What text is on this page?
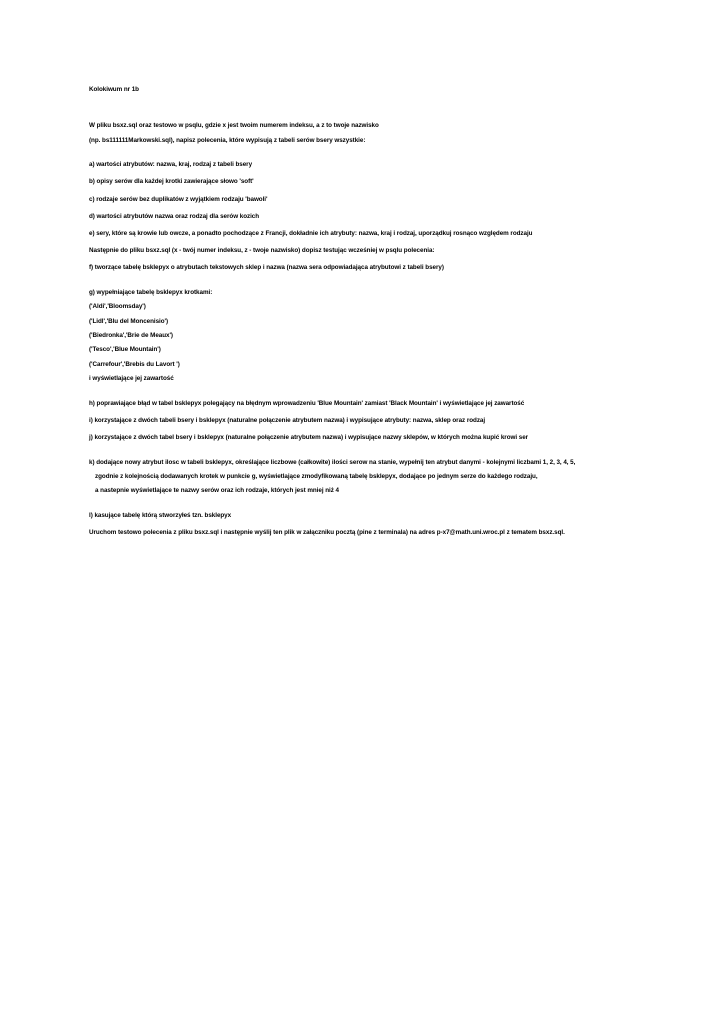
Kolokiwum nr 1b

W pliku bsxz.sql oraz testowo w psqlu, gdzie x jest twoim numerem indeksu, a z to twoje nazwisko

(np. bs111111Markowski.sql), napisz polecenia, które wypisują z tabeli serów bsery wszystkie:

a) wartości atrybutów: nazwa, kraj, rodzaj z tabeli bsery
b) opisy serów dla każdej krotki zawierające słowo 'soft'
c) rodzaje serów bez duplikatów z wyjątkiem rodzaju 'bawoli'
d) wartości atrybutów nazwa oraz rodzaj dla serów kozich
e) sery, które są krowie lub owcze, a ponadto pochodzące z Francji, dokładnie ich atrybuty: nazwa, kraj i rodzaj, uporządkuj rosnąco względem rodzaju
Następnie do pliku bsxz.sql (x - twój numer indeksu, z - twoje nazwisko) dopisz testując wcześniej w psqlu polecenia:
f) tworzące tabelę bsklepyx o atrybutach tekstowych sklep i nazwa (nazwa sera odpowiadająca atrybutowi z tabeli bsery)

g) wypełniające tabelę bsklepyx krotkami:

('Aldi','Bloomsday')

('Lidl','Blu del Moncenisio')

('Biedronka','Brie de Meaux')

('Tesco','Blue Mountain')

('Carrefour','Brebis du Lavort ')

i wyświetlające jej zawartość

h) poprawiające błąd w tabel bsklepyx polegający na błędnym wprowadzeniu 'Blue Mountain' zamiast 'Black Mountain' i wyświetlające jej zawartość
i) korzystające z dwóch tabeli bsery i bsklepyx (naturalne połączenie atrybutem nazwa) i wypisujące atrybuty: nazwa, sklep oraz rodzaj
j) korzystające z dwóch tabel bsery i bsklepyx (naturalne połączenie atrybutem nazwa) i wypisujące nazwy sklepów, w których można kupić krowi ser

k) dodające nowy atrybut ilosc w tabeli bsklepyx, określające liczbowe (całkowite) ilości serow na stanie, wypełnij ten atrybut danymi - kolejnymi liczbami 1, 2, 3, 4, 5,

zgodnie z kolejnością dodawanych krotek w punkcie g, wyświetlające zmodyfikowaną tabelę bsklepyx, dodające po jednym serze do każdego rodzaju,

a nastepnie wyświetlające te nazwy serów oraz ich rodzaje, których jest mniej niż 4

l) kasujące tabelę którą stworzyłeś tzn. bsklepyx
Uruchom testowo polecenia z pliku bsxz.sql i następnie wyślij ten plik w załączniku pocztą (pine z terminala) na adres p-x7@math.uni.wroc.pl z tematem bsxz.sql.
